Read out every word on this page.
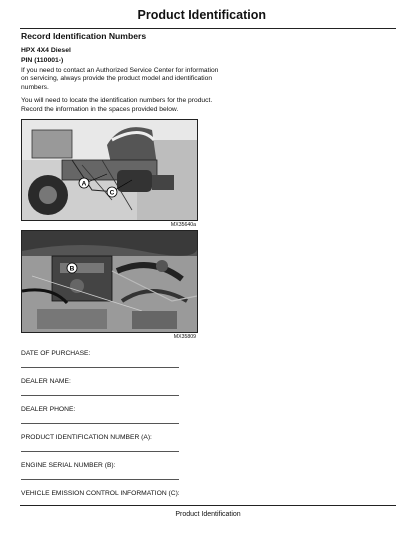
Product Identification
Record Identification Numbers
HPX 4X4 Diesel
PIN (110001-)

If you need to contact an Authorized Service Center for information on servicing, always provide the product model and identification numbers.

You will need to locate the identification numbers for the product. Record the information in the spaces provided below.

A
C
MX35640a
B
MX35809
DATE OF PURCHASE:
DEALER NAME:
DEALER PHONE:
PRODUCT IDENTIFICATION NUMBER (A):
ENGINE SERIAL NUMBER (B):
VEHICLE EMISSION CONTROL INFORMATION (C):
Product Identification
